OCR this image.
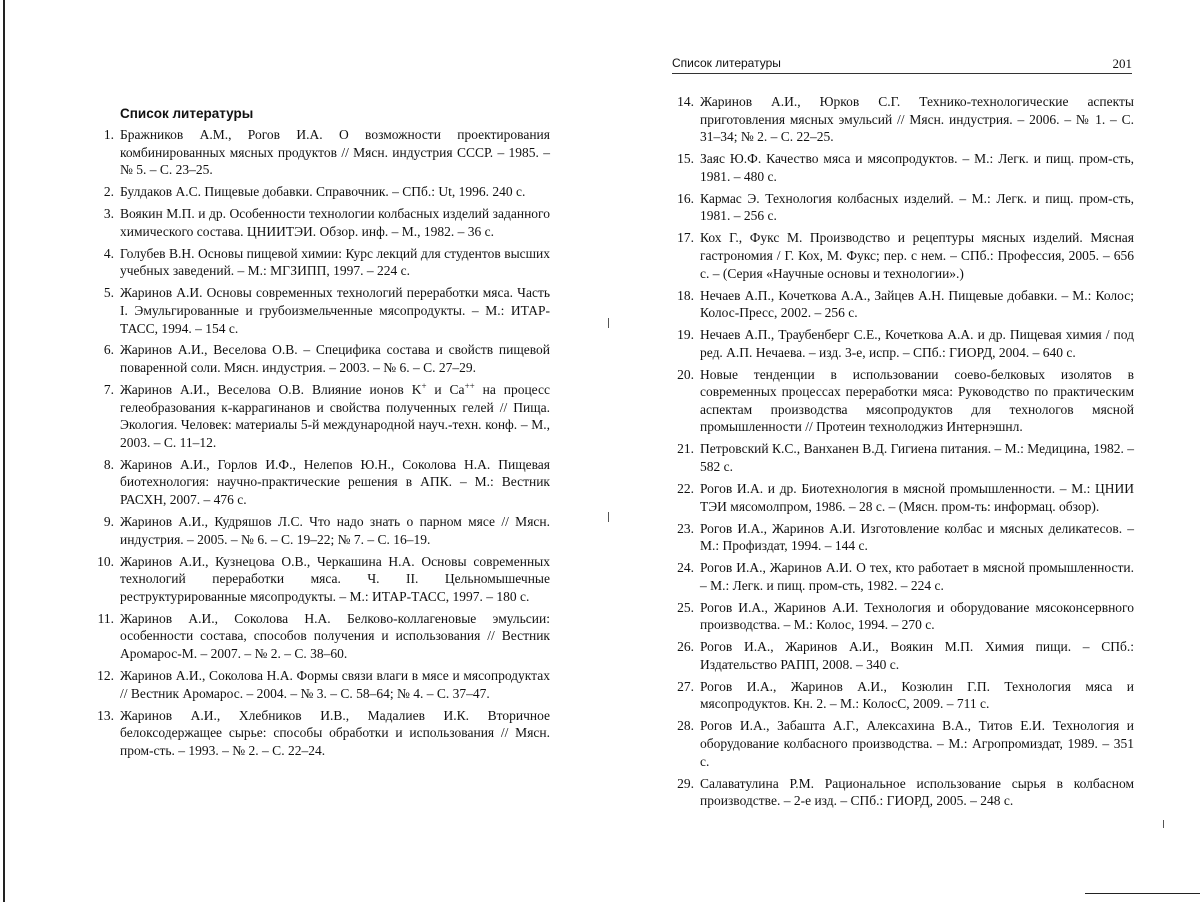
Список литературы
1. Бражников А.М., Рогов И.А. О возможности проектирования комбинированных мясных продуктов // Мясн. индустрия СССР. – 1985. – № 5. – С. 23–25.
2. Булдаков А.С. Пищевые добавки. Справочник. – СПб.: Ut, 1996. 240 с.
3. Воякин М.П. и др. Особенности технологии колбасных изделий заданного химического состава. ЦНИИТЭИ. Обзор. инф. – М., 1982. – 36 с.
4. Голубев В.Н. Основы пищевой химии: Курс лекций для студентов высших учебных заведений. – М.: МГЗИПП, 1997. – 224 с.
5. Жаринов А.И. Основы современных технологий переработки мяса. Часть I. Эмульгированные и грубоизмельченные мясопродукты. – М.: ИТАР-ТАСС, 1994. – 154 с.
6. Жаринов А.И., Веселова О.В. – Специфика состава и свойств пищевой поваренной соли. Мясн. индустрия. – 2003. – № 6. – С. 27–29.
7. Жаринов А.И., Веселова О.В. Влияние ионов K+ и Ca++ на процесс гелеобразования к-каррагинанов и свойства полученных гелей // Пища. Экология. Человек: материалы 5-й международной науч.-техн. конф. – М., 2003. – С. 11–12.
8. Жаринов А.И., Горлов И.Ф., Нелепов Ю.Н., Соколова Н.А. Пищевая биотехнология: научно-практические решения в АПК. – М.: Вестник РАСХН, 2007. – 476 с.
9. Жаринов А.И., Кудряшов Л.С. Что надо знать о парном мясе // Мясн. индустрия. – 2005. – № 6. – С. 19–22; № 7. – С. 16–19.
10. Жаринов А.И., Кузнецова О.В., Черкашина Н.А. Основы современных технологий переработки мяса. Ч. II. Цельномышечные реструктурированные мясопродукты. – М.: ИТАР-ТАСС, 1997. – 180 с.
11. Жаринов А.И., Соколова Н.А. Белково-коллагеновые эмульсии: особенности состава, способов получения и использования // Вестник Аромарос-М. – 2007. – № 2. – С. 38–60.
12. Жаринов А.И., Соколова Н.А. Формы связи влаги в мясе и мясопродуктах // Вестник Аромарос. – 2004. – № 3. – С. 58–64; № 4. – С. 37–47.
13. Жаринов А.И., Хлебников И.В., Мадалиев И.К. Вторичное белоксодержащее сырье: способы обработки и использования // Мясн. пром-сть. – 1993. – № 2. – С. 22–24.
Список литературы	201
14. Жаринов А.И., Юрков С.Г. Технико-технологические аспекты приготовления мясных эмульсий // Мясн. индустрия. – 2006. – № 1. – С. 31–34; № 2. – С. 22–25.
15. Заяс Ю.Ф. Качество мяса и мясопродуктов. – М.: Легк. и пищ. пром-сть, 1981. – 480 с.
16. Кармас Э. Технология колбасных изделий. – М.: Легк. и пищ. пром-сть, 1981. – 256 с.
17. Кох Г., Фукс М. Производство и рецептуры мясных изделий. Мясная гастрономия / Г. Кох, М. Фукс; пер. с нем. – СПб.: Профессия, 2005. – 656 с. – (Серия «Научные основы и технологии».)
18. Нечаев А.П., Кочеткова А.А., Зайцев А.Н. Пищевые добавки. – М.: Колос; Колос-Пресс, 2002. – 256 с.
19. Нечаев А.П., Траубенберг С.Е., Кочеткова А.А. и др. Пищевая химия / под ред. А.П. Нечаева. – изд. 3-е, испр. – СПб.: ГИОРД, 2004. – 640 с.
20. Новые тенденции в использовании соево-белковых изолятов в современных процессах переработки мяса: Руководство по практическим аспектам производства мясопродуктов для технологов мясной промышленности // Протеин технолоджиз Интернэшнл.
21. Петровский К.С., Ванханен В.Д. Гигиена питания. – М.: Медицина, 1982. – 582 с.
22. Рогов И.А. и др. Биотехнология в мясной промышленности. – М.: ЦНИИ ТЭИ мясомолпром, 1986. – 28 с. – (Мясн. пром-ть: информац. обзор).
23. Рогов И.А., Жаринов А.И. Изготовление колбас и мясных деликатесов. – М.: Профиздат, 1994. – 144 с.
24. Рогов И.А., Жаринов А.И. О тех, кто работает в мясной промышленности. – М.: Легк. и пищ. пром-сть, 1982. – 224 с.
25. Рогов И.А., Жаринов А.И. Технология и оборудование мясоконсервного производства. – М.: Колос, 1994. – 270 с.
26. Рогов И.А., Жаринов А.И., Воякин М.П. Химия пищи. – СПб.: Издательство РАПП, 2008. – 340 с.
27. Рогов И.А., Жаринов А.И., Козюлин Г.П. Технология мяса и мясопродуктов. Кн. 2. – М.: КолосС, 2009. – 711 с.
28. Рогов И.А., Забашта А.Г., Алексахина В.А., Титов Е.И. Технология и оборудование колбасного производства. – М.: Агропромиздат, 1989. – 351 с.
29. Салаватулина Р.М. Рациональное использование сырья в колбасном производстве. – 2-е изд. – СПб.: ГИОРД, 2005. – 248 с.
